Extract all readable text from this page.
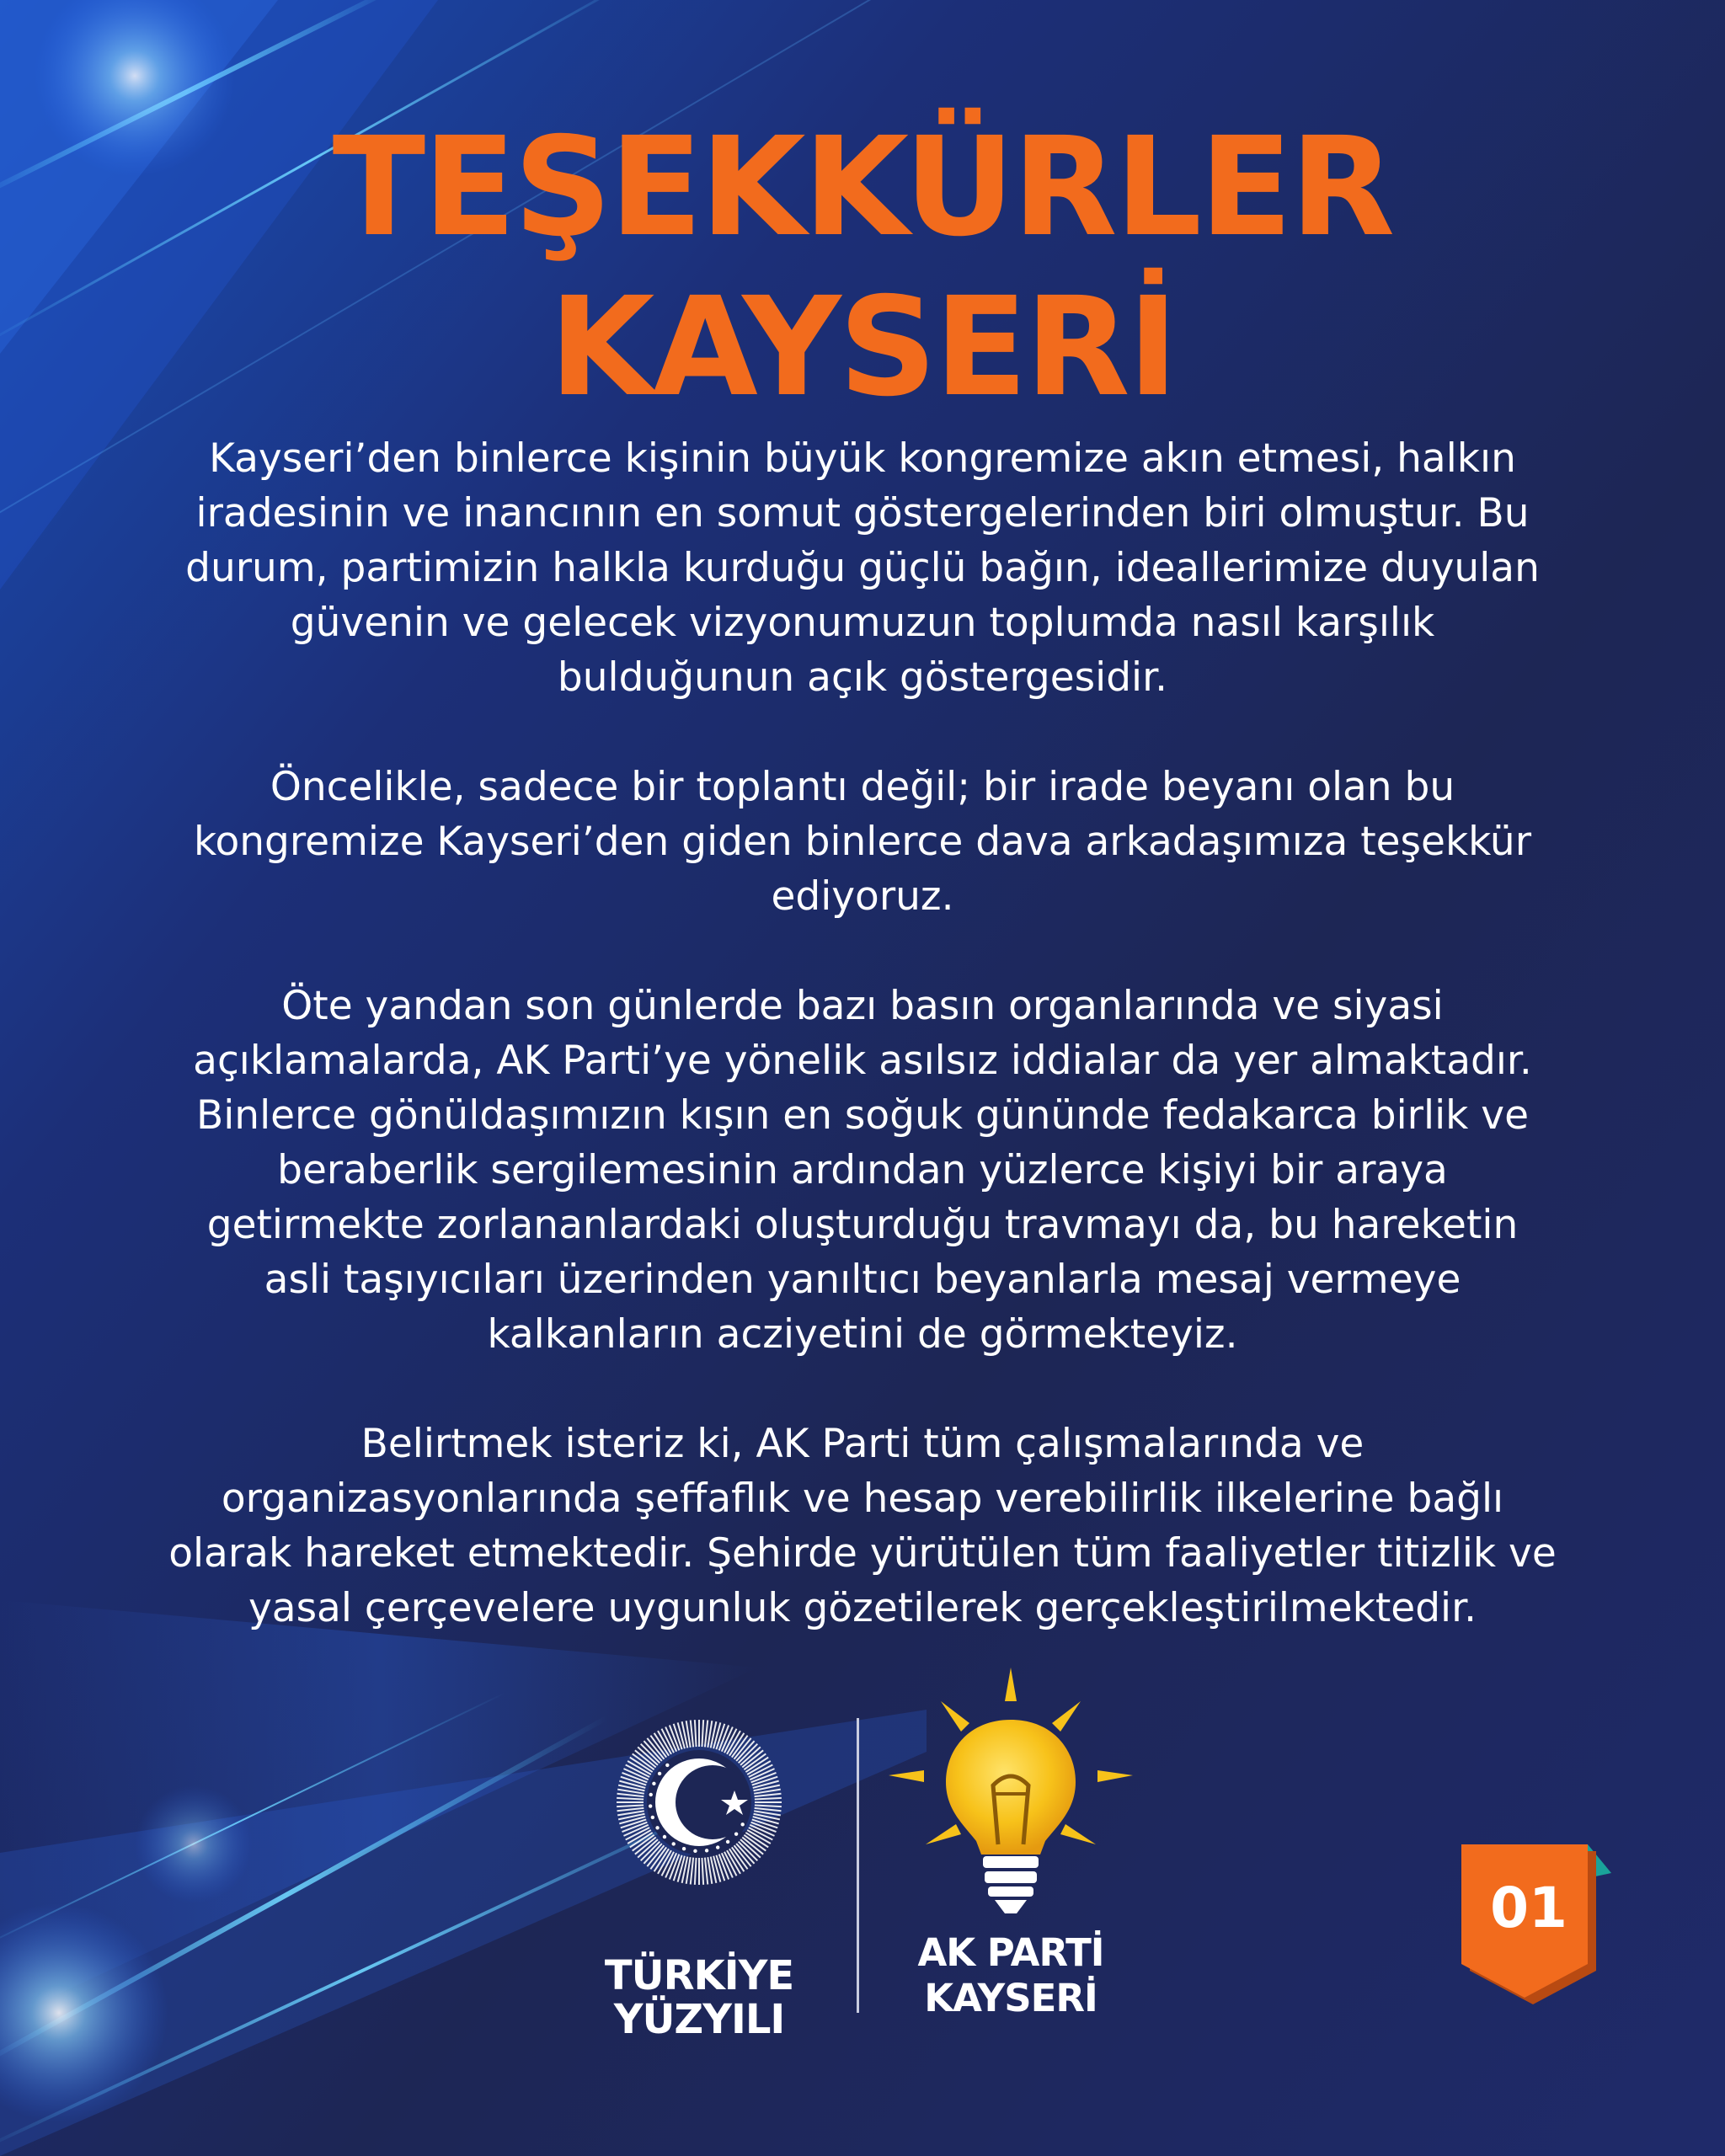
TEŞEKKÜRLER
KAYSERİ

Kayseri’den binlerce kişinin büyük kongremize akın etmesi, halkın iradesinin ve inancının en somut göstergelerinden biri olmuştur. Bu durum, partimizin halkla kurduğu güçlü bağın, ideallerimize duyulan güvenin ve gelecek vizyonumuzun toplumda nasıl karşılık bulduğunun açık göstergesidir.

Öncelikle, sadece bir toplantı değil; bir irade beyanı olan bu kongremize Kayseri’den giden binlerce dava arkadaşımıza teşekkür ediyoruz.

Öte yandan son günlerde bazı basın organlarında ve siyasi açıklamalarda, AK Parti’ye yönelik asılsız iddialar da yer almaktadır. Binlerce gönüldaşımızın kışın en soğuk gününde fedakarca birlik ve beraberlik sergilemesinin ardından yüzlerce kişiyi bir araya getirmekte zorlananlardaki oluşturduğu travmayı da, bu hareketin asli taşıyıcıları üzerinden yanıltıcı beyanlarla mesaj vermeye kalkanların acziyetini de görmekteyiz.

Belirtmek isteriz ki, AK Parti tüm çalışmalarında ve organizasyonlarında şeffaflık ve hesap verebilirlik ilkelerine bağlı olarak hareket etmektedir. Şehirde yürütülen tüm faaliyetler titizlik ve yasal çerçevelere uygunluk gözetilerek gerçekleştirilmektedir.

TÜRKİYE
YÜZYILI
AK PARTİ
KAYSERİ
01
